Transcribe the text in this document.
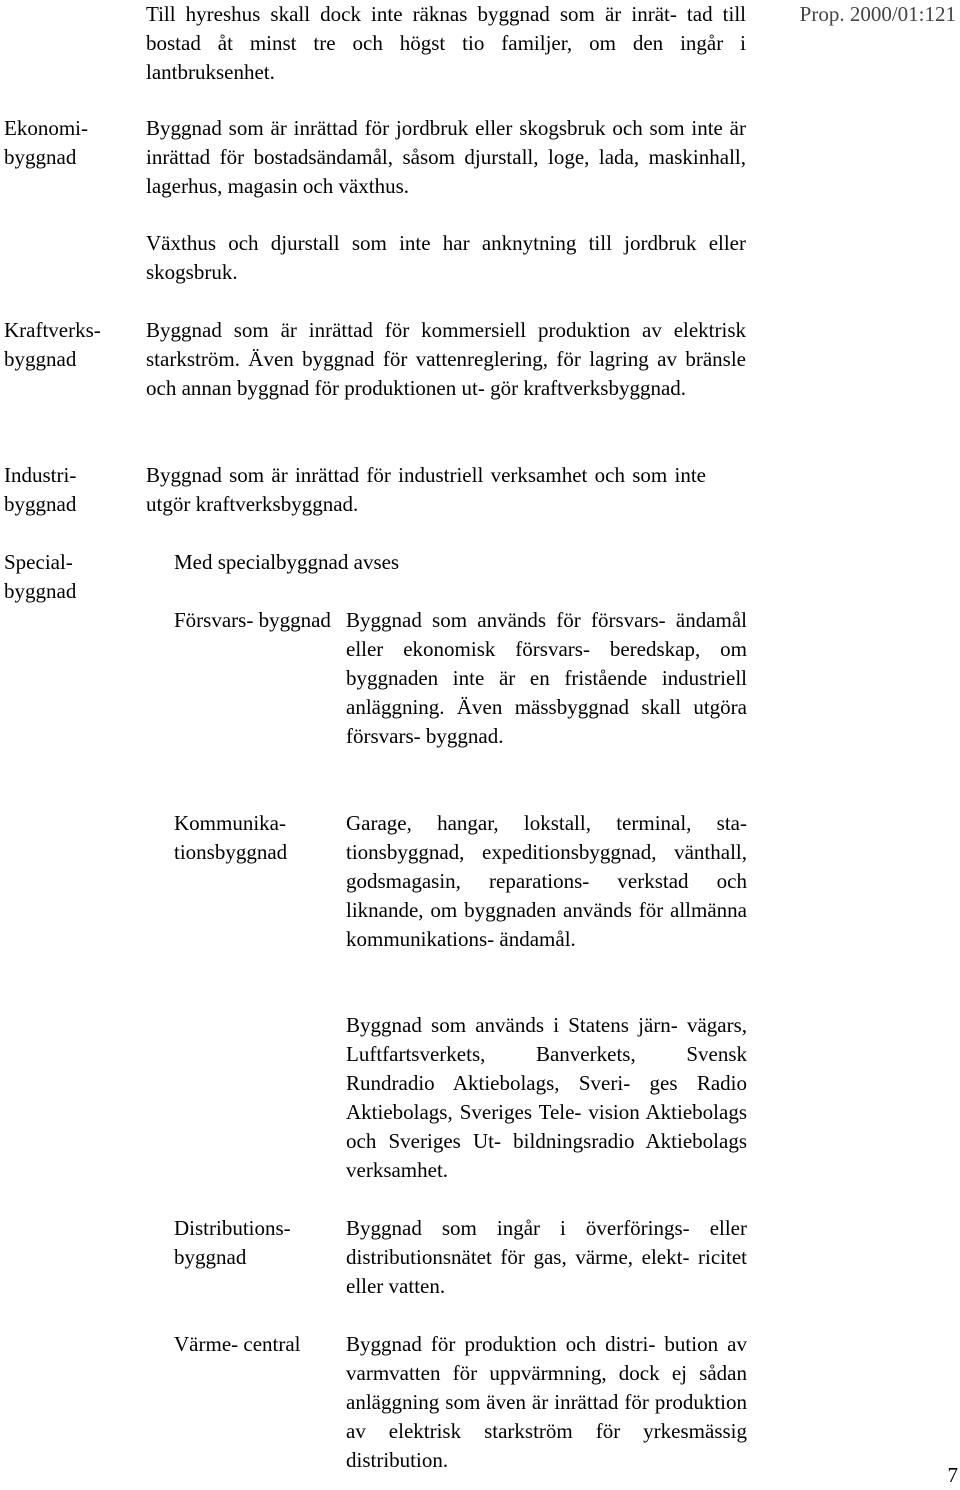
Prop. 2000/01:121

Till hyreshus skall dock inte räknas byggnad som är inrät- tad till bostad åt minst tre och högst tio familjer, om den ingår i lantbruksenhet.

Ekonomi- byggnad

Byggnad som är inrättad för jordbruk eller skogsbruk och som inte är inrättad för bostadsändamål, såsom djurstall, loge, lada, maskinhall, lagerhus, magasin och växthus.

Växthus och djurstall som inte har anknytning till jordbruk eller skogsbruk.

Kraftverks- byggnad

Byggnad som är inrättad för kommersiell produktion av elektrisk starkström. Även byggnad för vattenreglering, för lagring av bränsle och annan byggnad för produktionen ut- gör kraftverksbyggnad.

Industri- byggnad

Byggnad som är inrättad för industriell verksamhet och som inte utgör kraftverksbyggnad.

Special- byggnad

Med specialbyggnad avses

Försvars- byggnad Byggnad som används för försvars- ändamål eller ekonomisk försvars- beredskap, om byggnaden inte är en fristående industriell anläggning. Även mässbyggnad skall utgöra försvars- byggnad.

Kommunika- tionsbyggnad

Garage, hangar, lokstall, terminal, sta- tionsbyggnad, expeditionsbyggnad, vänthall, godsmagasin, reparations- verkstad och liknande, om byggnaden används för allmänna kommunikations- ändamål.

Byggnad som används i Statens järn- vägars, Luftfartsverkets, Banverkets, Svensk Rundradio Aktiebolags, Sveri- ges Radio Aktiebolags, Sveriges Tele- vision Aktiebolags och Sveriges Ut- bildningsradio Aktiebolags verksamhet.

Distributions- byggnad

Byggnad som ingår i överförings- eller distributionsnätet för gas, värme, elekt- ricitet eller vatten.

Värme- central	Byggnad för produktion och distri- bution av varmvatten för uppvärmning, dock ej sådan anläggning som även är inrättad för produktion av elektrisk starkström för yrkesmässig distribution.

7
